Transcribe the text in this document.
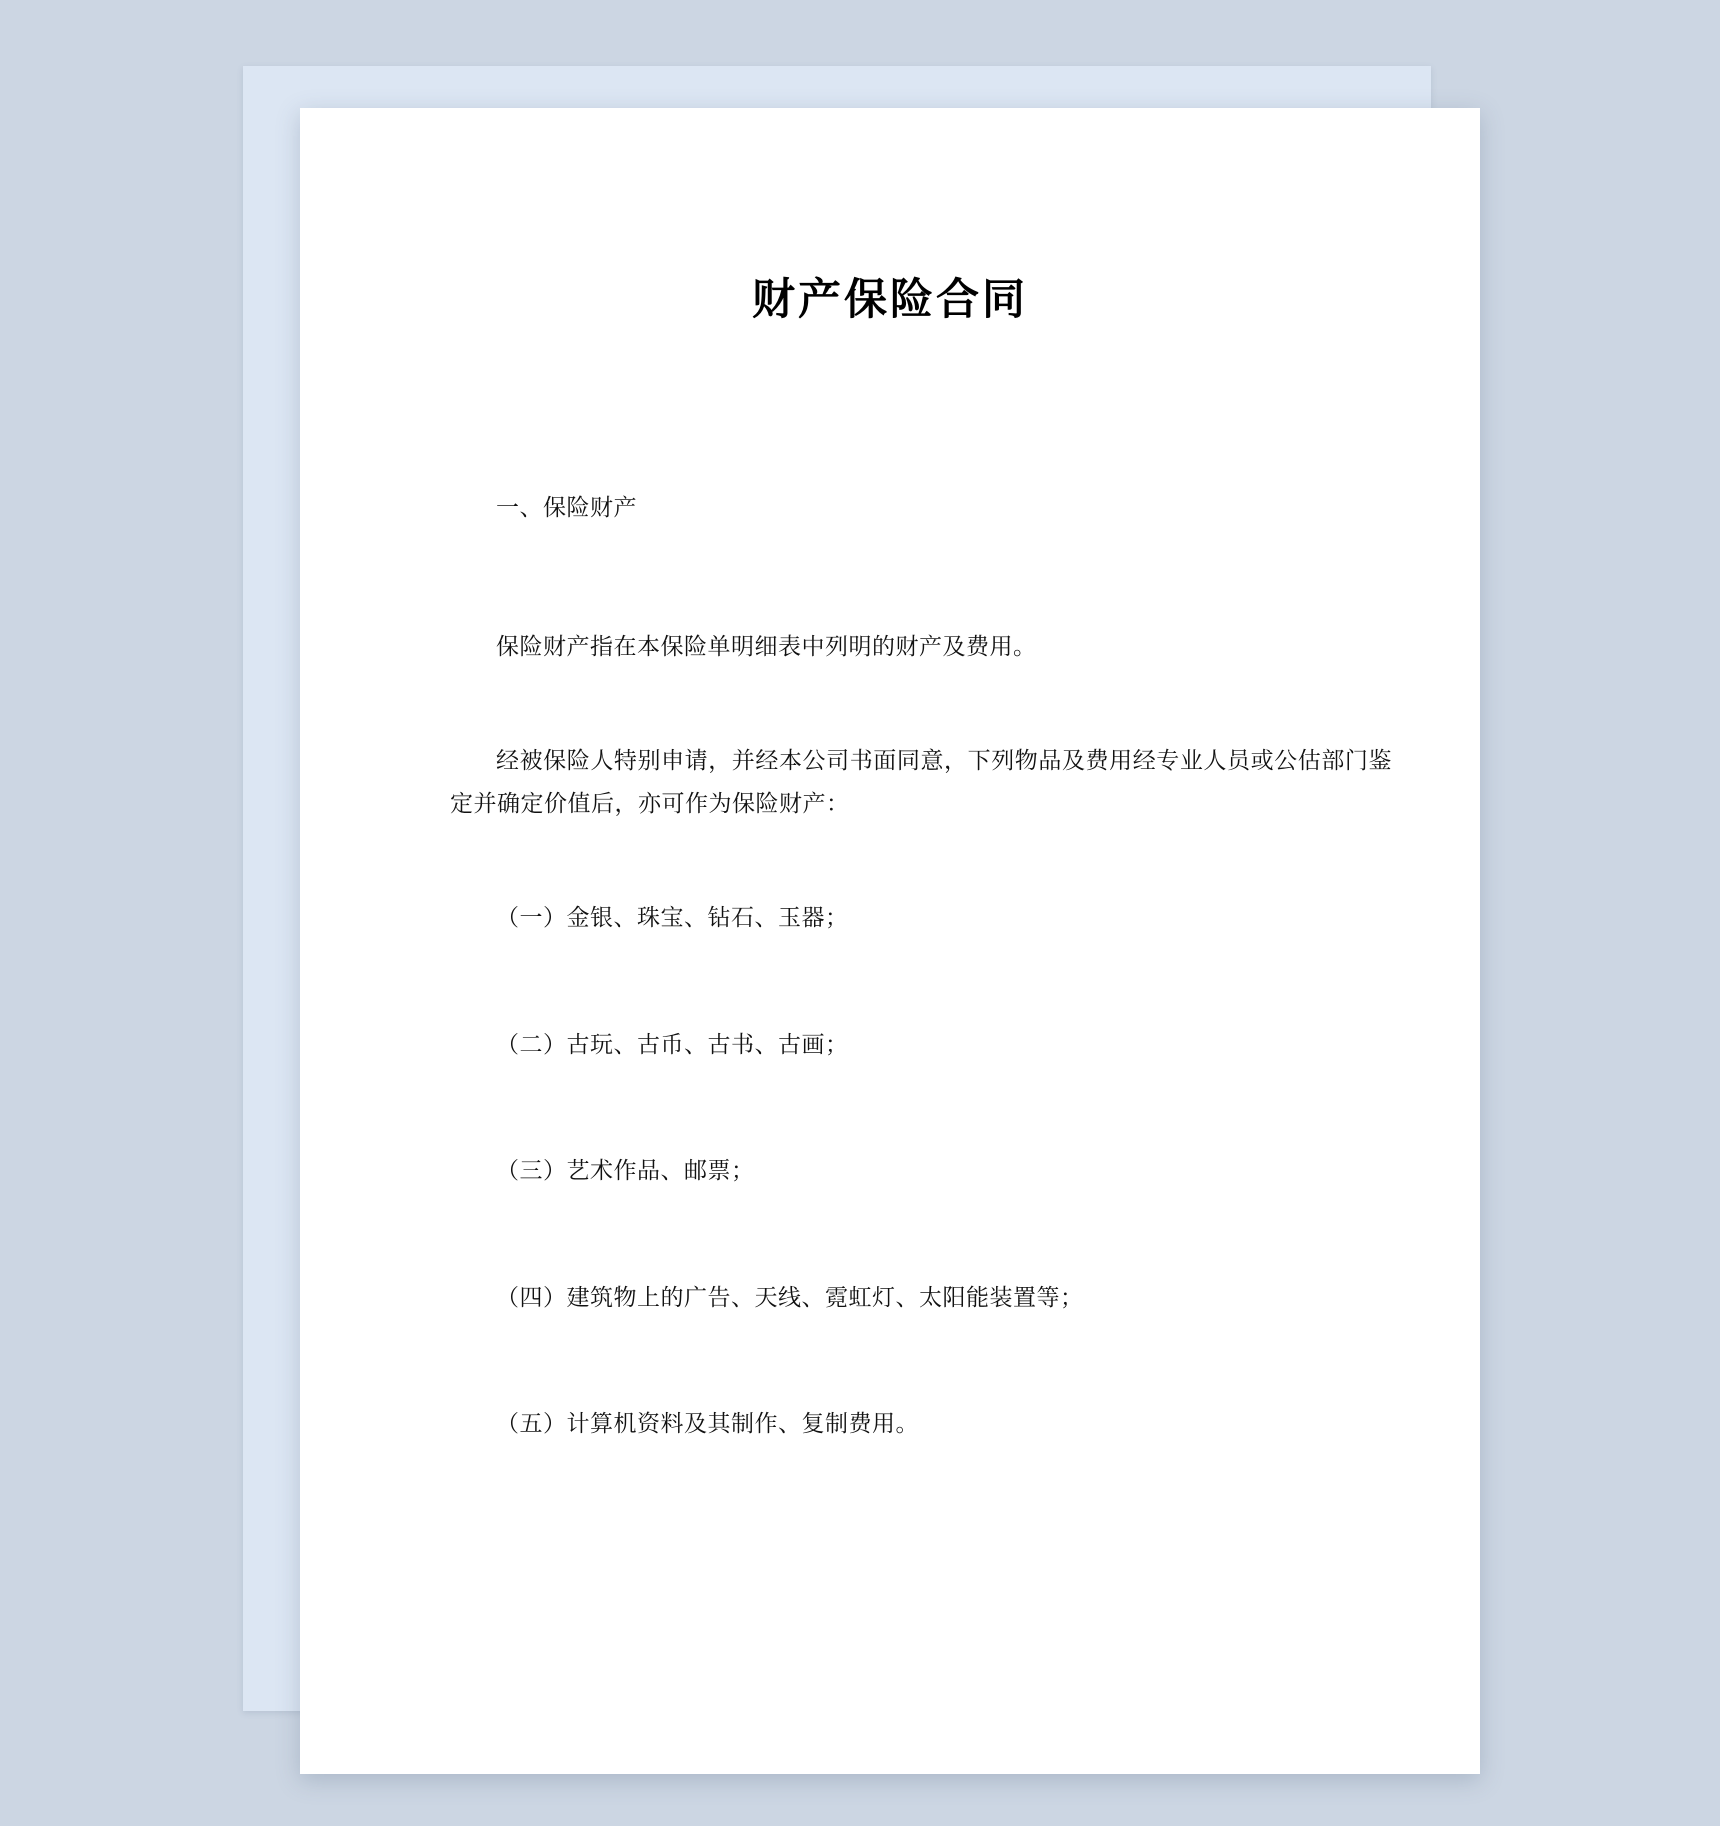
财产保险合同

一、保险财产

保险财产指在本保险单明细表中列明的财产及费用。

经被保险人特别申请，并经本公司书面同意，下列物品及费用经专业人员或公估部门鉴定并确定价值后，亦可作为保险财产：

（一）金银、珠宝、钻石、玉器；

（二）古玩、古币、古书、古画；

（三）艺术作品、邮票；

（四）建筑物上的广告、天线、霓虹灯、太阳能装置等；

（五）计算机资料及其制作、复制费用。
